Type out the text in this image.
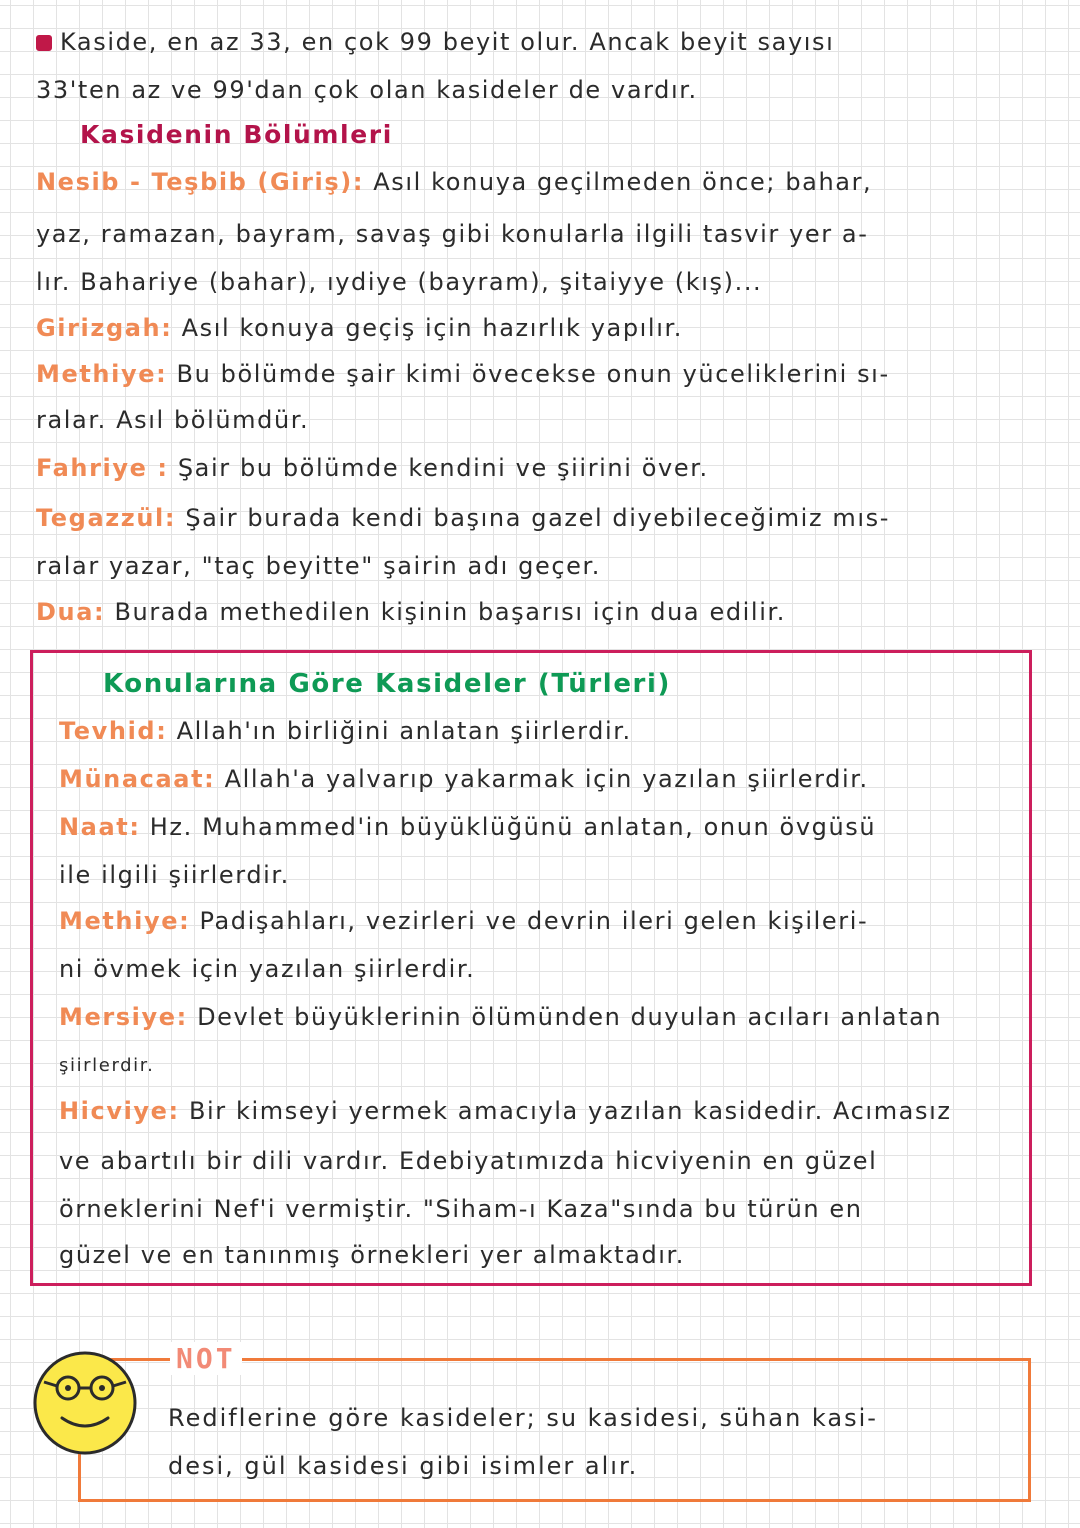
Kaside, en az 33, en çok 99 beyit olur. Ancak beyit sayısı
33'ten az ve 99'dan çok olan kasideler de vardır.
Kasidenin Bölümleri
Nesib - Teşbib (Giriş): Asıl konuya geçilmeden önce; bahar,
yaz, ramazan, bayram, savaş gibi konularla ilgili tasvir yer a-
lır. Bahariye (bahar), ıydiye (bayram), şitaiyye (kış)...
Girizgah: Asıl konuya geçiş için hazırlık yapılır.
Methiye: Bu bölümde şair kimi övecekse onun yüceliklerini sı-
ralar. Asıl bölümdür.
Fahriye : Şair bu bölümde kendini ve şiirini över.
Tegazzül: Şair burada kendi başına gazel diyebileceğimiz mıs-
ralar yazar, "taç beyitte" şairin adı geçer.
Dua: Burada methedilen kişinin başarısı için dua edilir.
Konularına Göre Kasideler (Türleri)
Tevhid: Allah'ın birliğini anlatan şiirlerdir.
Münacaat: Allah'a yalvarıp yakarmak için yazılan şiirlerdir.
Naat: Hz. Muhammed'in büyüklüğünü anlatan, onun övgüsü
ile ilgili şiirlerdir.
Methiye: Padişahları, vezirleri ve devrin ileri gelen kişileri-
ni övmek için yazılan şiirlerdir.
Mersiye: Devlet büyüklerinin ölümünden duyulan acıları anlatan
şiirlerdir.
Hicviye: Bir kimseyi yermek amacıyla yazılan kasidedir. Acımasız
ve abartılı bir dili vardır. Edebiyatımızda hicviyenin en güzel
örneklerini Nef'i vermiştir. "Siham-ı Kaza"sında bu türün en
güzel ve en tanınmış örnekleri yer almaktadır.
NOT
Rediflerine göre kasideler; su kasidesi, sühan kasi-
desi, gül kasidesi gibi isimler alır.
